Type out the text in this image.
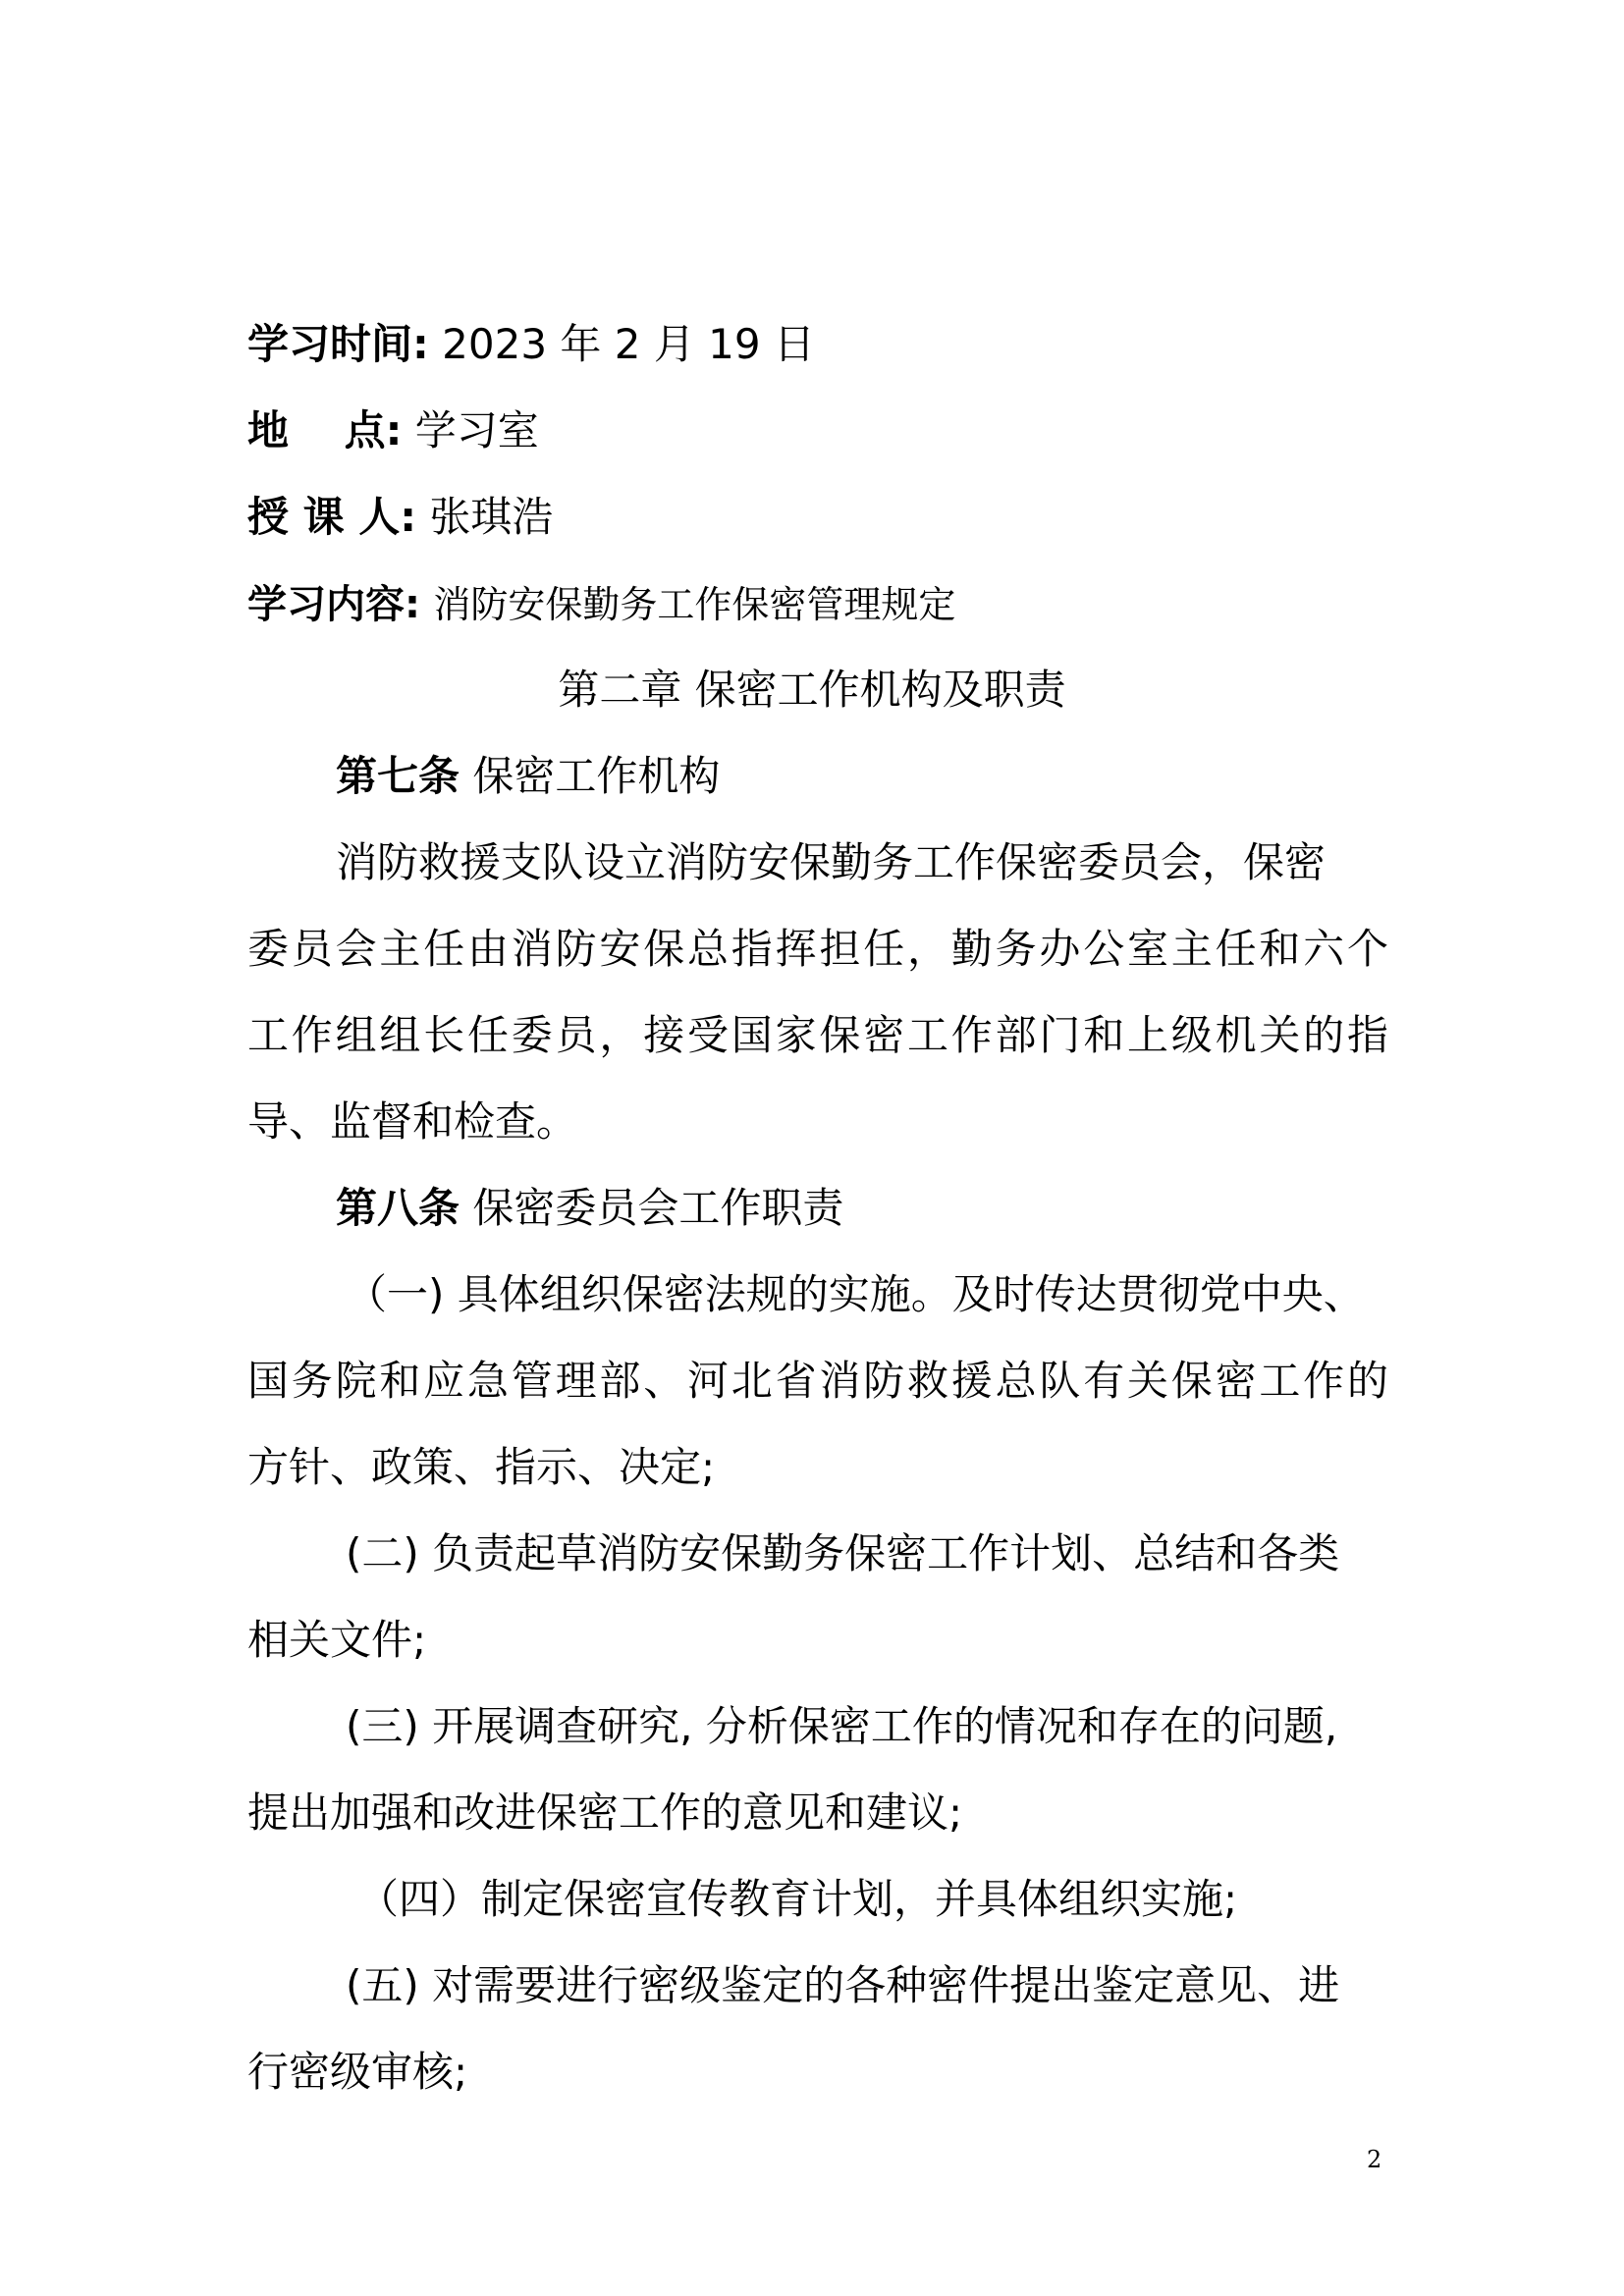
学习时间: 2023 年 2 月 19 日
地　 点: 学习室
授 课 人: 张琪浩
学习内容: 消防安保勤务工作保密管理规定
第二章 保密工作机构及职责
第七条 保密工作机构
消防救援支队设立消防安保勤务工作保密委员会，保密
委员会主任由消防安保总指挥担任，勤务办公室主任和六个
工作组组长任委员，接受国家保密工作部门和上级机关的指
导、监督和检查。
第八条 保密委员会工作职责
（一) 具体组织保密法规的实施。及时传达贯彻党中央、
国务院和应急管理部、河北省消防救援总队有关保密工作的
方针、政策、指示、决定;
(二) 负责起草消防安保勤务保密工作计划、总结和各类
相关文件;
(三) 开展调查研究, 分析保密工作的情况和存在的问题,
提出加强和改进保密工作的意见和建议;
（四）制定保密宣传教育计划，并具体组织实施;
(五) 对需要进行密级鉴定的各种密件提出鉴定意见、进
行密级审核;
2
